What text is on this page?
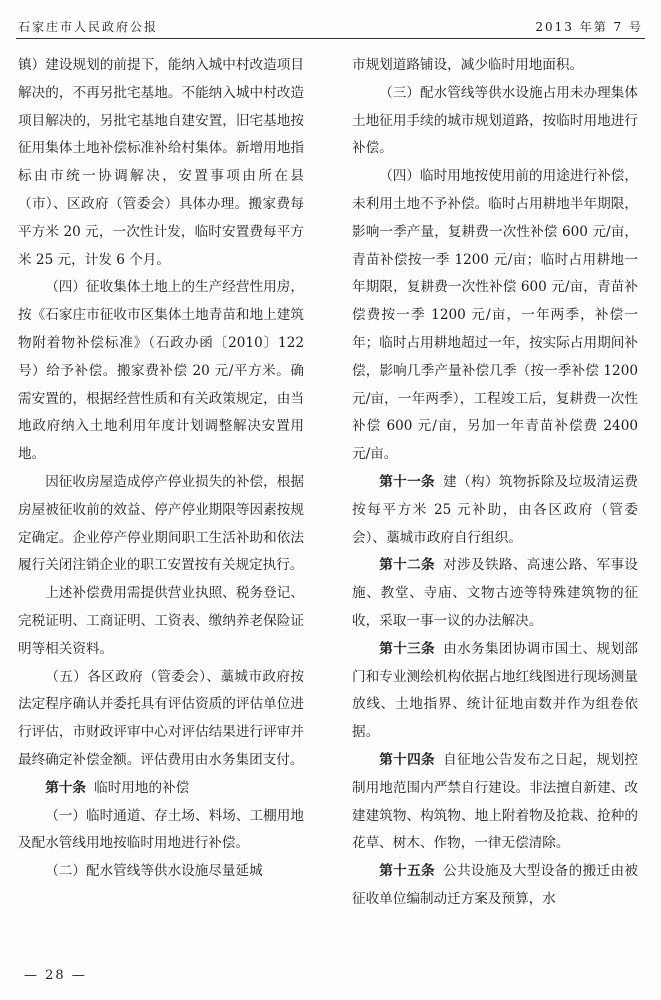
石家庄市人民政府公报	2013 年第 7 号

镇）建设规划的前提下，能纳入城中村改造项目解决的，不再另批宅基地。不能纳入城中村改造项目解决的，另批宅基地自建安置，旧宅基地按征用集体土地补偿标准补给村集体。新增用地指标由市统一协调解决，安置事项由所在县（市）、区政府（管委会）具体办理。搬家费每平方米 20 元，一次性计发，临时安置费每平方米 25 元，计发 6 个月。

（四）征收集体土地上的生产经营性用房，按《石家庄市征收市区集体土地青苗和地上建筑物附着物补偿标准》（石政办函〔2010〕122 号）给予补偿。搬家费补偿 20 元/平方米。确需安置的，根据经营性质和有关政策规定，由当地政府纳入土地利用年度计划调整解决安置用地。

因征收房屋造成停产停业损失的补偿，根据房屋被征收前的效益、停产停业期限等因素按规定确定。企业停产停业期间职工生活补助和依法履行关闭注销企业的职工安置按有关规定执行。

上述补偿费用需提供营业执照、税务登记、完税证明、工商证明、工资表、缴纳养老保险证明等相关资料。

（五）各区政府（管委会）、藁城市政府按法定程序确认并委托具有评估资质的评估单位进行评估，市财政评审中心对评估结果进行评审并最终确定补偿金额。评估费用由水务集团支付。

第十条 临时用地的补偿

（一）临时通道、存土场、料场、工棚用地及配水管线用地按临时用地进行补偿。

（二）配水管线等供水设施尽量延城

市规划道路铺设，减少临时用地面积。

（三）配水管线等供水设施占用未办理集体土地征用手续的城市规划道路，按临时用地进行补偿。

（四）临时用地按使用前的用途进行补偿，未利用土地不予补偿。临时占用耕地半年期限，影响一季产量，复耕费一次性补偿 600 元/亩，青苗补偿按一季 1200 元/亩；临时占用耕地一年期限，复耕费一次性补偿 600 元/亩，青苗补偿费按一季 1200 元/亩，一年两季，补偿一年；临时占用耕地超过一年，按实际占用期间补偿，影响几季产量补偿几季（按一季补偿 1200 元/亩，一年两季），工程竣工后，复耕费一次性补偿 600 元/亩，另加一年青苗补偿费 2400 元/亩。

第十一条 建（构）筑物拆除及垃圾清运费按每平方米 25 元补助，由各区政府（管委会）、藁城市政府自行组织。

第十二条 对涉及铁路、高速公路、军事设施、教堂、寺庙、文物古迹等特殊建筑物的征收，采取一事一议的办法解决。

第十三条 由水务集团协调市国土、规划部门和专业测绘机构依据占地红线图进行现场测量放线、土地指界、统计征地亩数并作为组卷依据。

第十四条 自征地公告发布之日起，规划控制用地范围内严禁自行建设。非法擅自新建、改建建筑物、构筑物、地上附着物及抢栽、抢种的花草、树木、作物，一律无偿清除。

第十五条 公共设施及大型设备的搬迁由被征收单位编制动迁方案及预算，水

— 28 —
